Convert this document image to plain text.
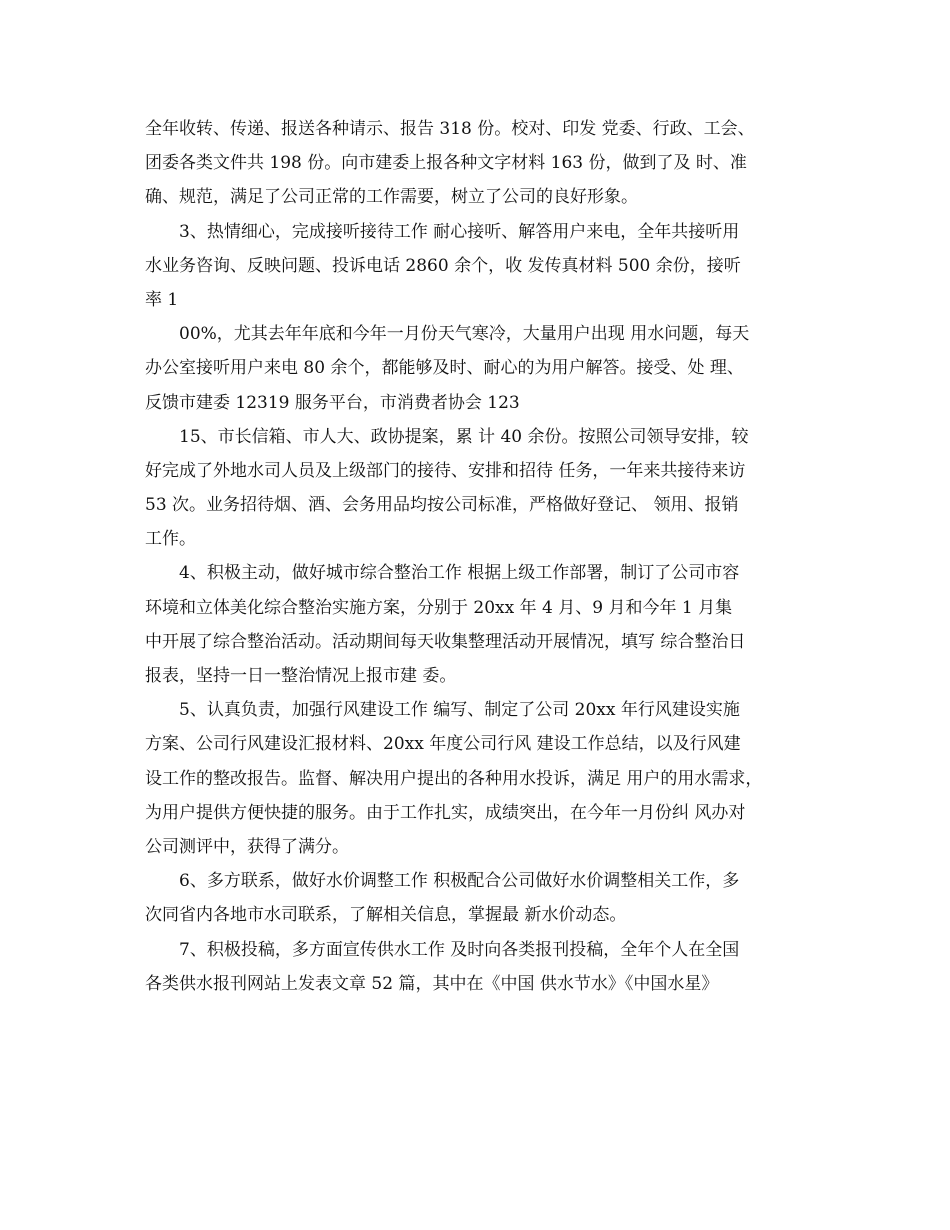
全年收转、传递、报送各种请示、报告 318 份。校对、印发 党委、行政、工会、
团委各类文件共 198 份。向市建委上报各种文字材料 163 份，做到了及 时、准
确、规范，满足了公司正常的工作需要，树立了公司的良好形象。
3、热情细心，完成接听接待工作 耐心接听、解答用户来电，全年共接听用
水业务咨询、反映问题、投诉电话 2860 余个，收 发传真材料 500 余份，接听
率 1
00%，尤其去年年底和今年一月份天气寒冷，大量用户出现 用水问题，每天
办公室接听用户来电 80 余个，都能够及时、耐心的为用户解答。接受、处 理、
反馈市建委 12319 服务平台，市消费者协会 123
15、市长信箱、市人大、政协提案，累 计 40 余份。按照公司领导安排，较
好完成了外地水司人员及上级部门的接待、安排和招待 任务，一年来共接待来访
53 次。业务招待烟、酒、会务用品均按公司标准，严格做好登记、 领用、报销
工作。
4、积极主动，做好城市综合整治工作 根据上级工作部署，制订了公司市容
环境和立体美化综合整治实施方案，分别于 20xx 年 4 月、9 月和今年 1 月集
中开展了综合整治活动。活动期间每天收集整理活动开展情况，填写 综合整治日
报表，坚持一日一整治情况上报市建 委。
5、认真负责，加强行风建设工作 编写、制定了公司 20xx 年行风建设实施
方案、公司行风建设汇报材料、20xx 年度公司行风 建设工作总结，以及行风建
设工作的整改报告。监督、解决用户提出的各种用水投诉，满足 用户的用水需求，
为用户提供方便快捷的服务。由于工作扎实，成绩突出，在今年一月份纠 风办对
公司测评中，获得了满分。
6、多方联系，做好水价调整工作 积极配合公司做好水价调整相关工作，多
次同省内各地市水司联系，了解相关信息，掌握最 新水价动态。
7、积极投稿，多方面宣传供水工作 及时向各类报刊投稿，全年个人在全国
各类供水报刊网站上发表文章 52 篇，其中在《中国 供水节水》《中国水星》
